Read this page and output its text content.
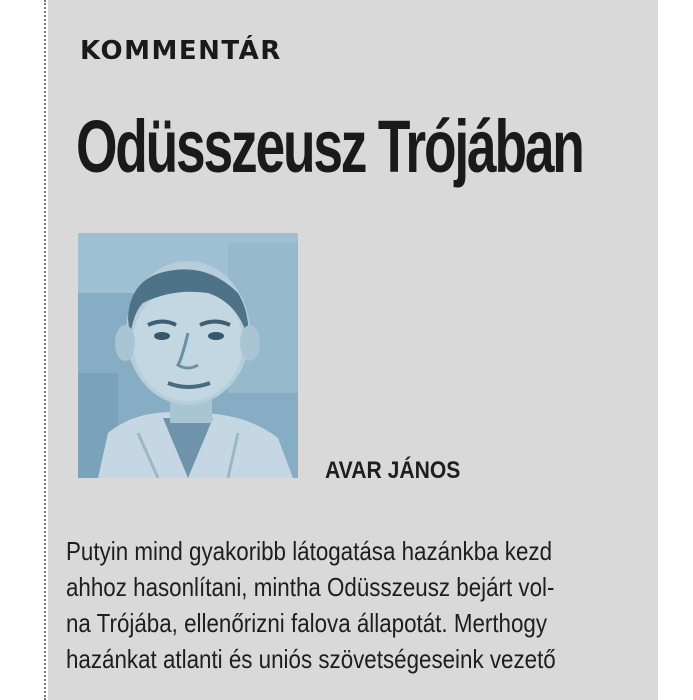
KOMMENTÁR
Odüsszeusz Trójában
AVAR JÁNOS
Putyin mind gyakoribb látogatása hazánkba kezd
ahhoz hasonlítani, mintha Odüsszeusz bejárt vol-
na Trójába, ellenőrizni falova állapotát. Merthogy
hazánkat atlanti és uniós szövetségeseink vezető
